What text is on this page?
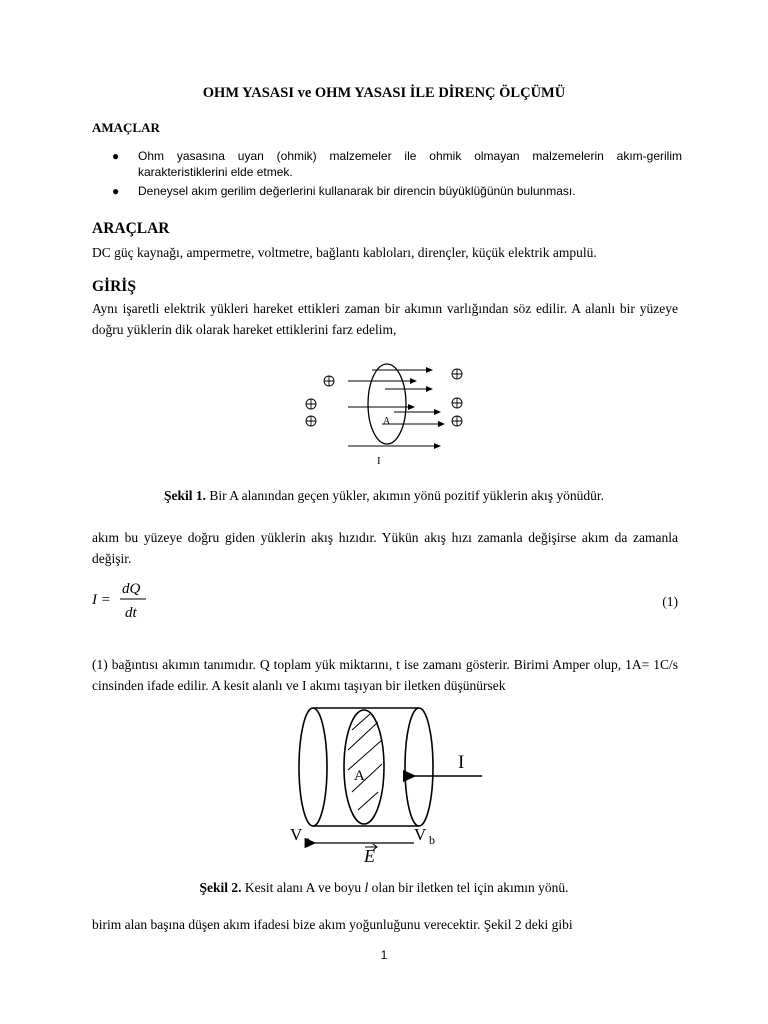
OHM YASASI ve OHM YASASI İLE DİRENÇ ÖLÇÜMÜ
AMAÇLAR
● Ohm yasasına uyan (ohmik) malzemeler ile ohmik olmayan malzemelerin akım-gerilim karakteristiklerini elde etmek.
● Deneysel akım gerilim değerlerini kullanarak bir direncin büyüklüğünün bulunması.
ARAÇLAR
DC güç kaynağı, ampermetre, voltmetre, bağlantı kabloları, dirençler, küçük elektrik ampulü.
GİRİŞ
Aynı işaretli elektrik yükleri hareket ettikleri zaman bir akımın varlığından söz edilir. A alanlı bir yüzeye doğru yüklerin dik olarak hareket ettiklerini farz edelim,
A
I
Şekil 1. Bir A alanından geçen yükler, akımın yönü pozitif yüklerin akış yönüdür.
akım bu yüzeye doğru giden yüklerin akış hızıdır. Yükün akış hızı zamanla değişirse akım da zamanla değişir.
I =
dQ
dt
(1)
(1) bağıntısı akımın tanımıdır. Q toplam yük miktarını, t ise zamanı gösterir. Birimi Amper olup, 1A= 1C/s cinsinden ifade edilir. A kesit alanlı ve I akımı taşıyan bir iletken düşünürsek
A
I
V a	V b
E
Şekil 2. Kesit alanı A ve boyu l olan bir iletken tel için akımın yönü.
birim alan başına düşen akım ifadesi bize akım yoğunluğunu verecektir. Şekil 2 deki gibi
1
